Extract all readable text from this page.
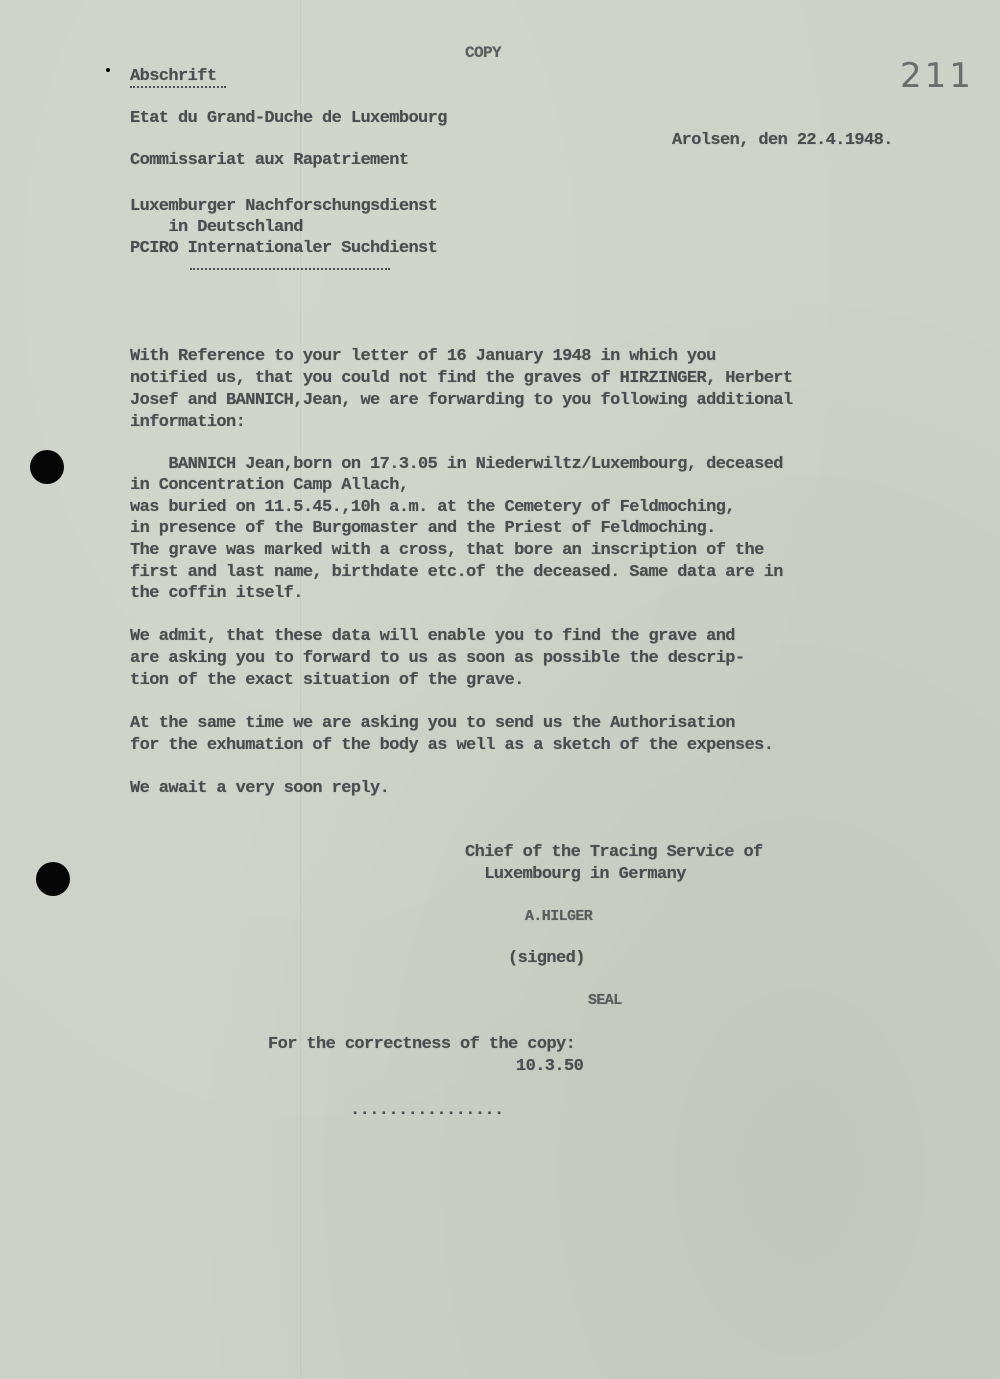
COPY

Abschrift	211

Etat du Grand-Duche de Luxembourg

Arolsen, den 22.4.1948.

Commissariat aux Rapatriement

Luxemburger Nachforschungsdienst

in Deutschland

PCIRO Internationaler Suchdienst

With Reference to your letter of 16 January 1948 in which you

notified us, that you could not find the graves of HIRZINGER, Herbert

Josef and BANNICH,Jean, we are forwarding to you following additional

information:

BANNICH Jean,born on 17.3.05 in Niederwiltz/Luxembourg, deceased

in Concentration Camp Allach,

was buried on 11.5.45.,10h a.m. at the Cemetery of Feldmoching,

in presence of the Burgomaster and the Priest of Feldmoching.

The grave was marked with a cross, that bore an inscription of the

first and last name, birthdate etc.of the deceased. Same data are in

the coffin itself.

We admit, that these data will enable you to find the grave and

are asking you to forward to us as soon as possible the descrip-

tion of the exact situation of the grave.

At the same time we are asking you to send us the Authorisation

for the exhumation of the body as well as a sketch of the expenses.

We await a very soon reply.

Chief of the Tracing Service of

Luxembourg in Germany

A.HILGER

(signed)

SEAL

For the correctness of the copy:

10.3.50

................
